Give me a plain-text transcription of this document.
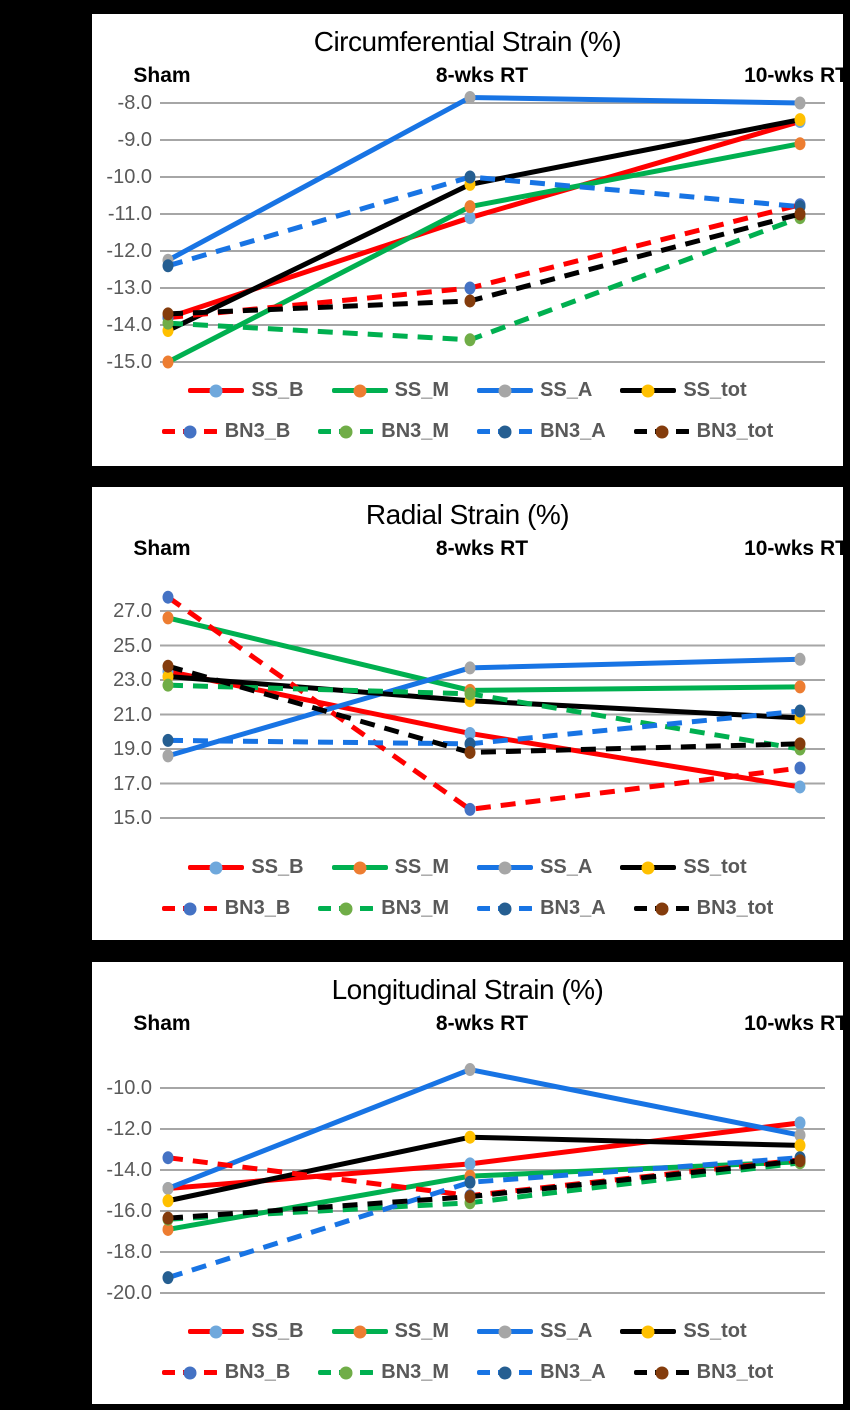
Circumferential Strain (%)
Sham	8-wks RT	10-wks RT
-8.0
-9.0
-10.0
-11.0
-12.0
-13.0
-14.0
-15.0
SS_B	SS_M	SS_A	SS_tot
BN3_B	BN3_M	BN3_A	BN3_tot
Radial Strain (%)
Sham	8-wks RT	10-wks RT
27.0
25.0
23.0
21.0
19.0
17.0
15.0
SS_B	SS_M	SS_A	SS_tot
BN3_B	BN3_M	BN3_A	BN3_tot
Longitudinal Strain (%)
Sham	8-wks RT	10-wks RT
-10.0
-12.0
-14.0
-16.0
-18.0
-20.0
SS_B	SS_M	SS_A	SS_tot
BN3_B	BN3_M	BN3_A	BN3_tot
